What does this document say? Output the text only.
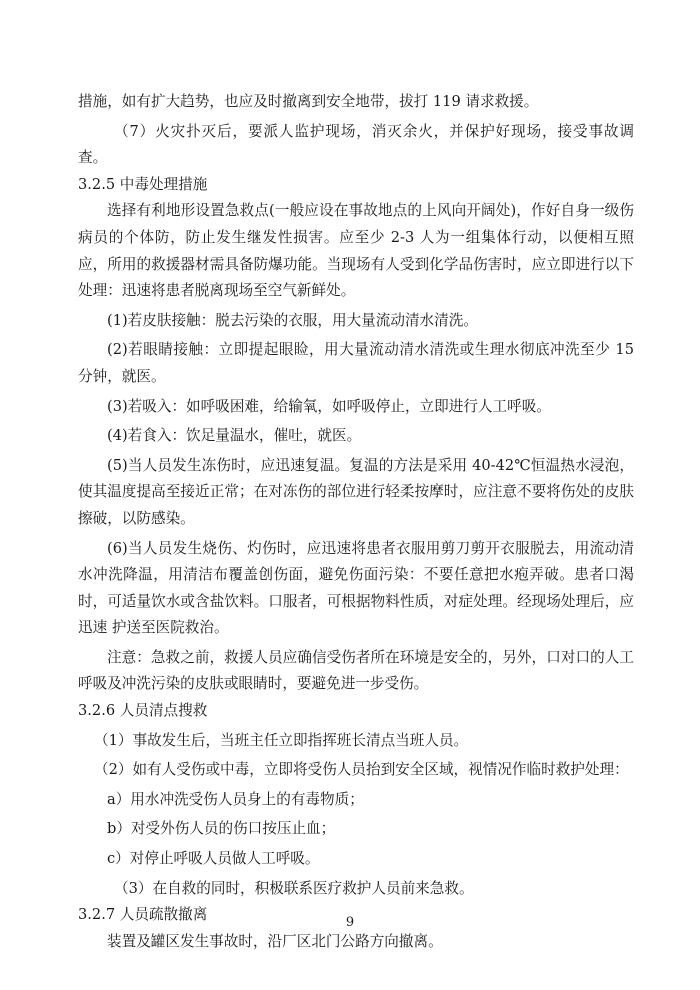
措施，如有扩大趋势，也应及时撤离到安全地带，拔打 119 请求救援。

（7）火灾扑灭后，要派人监护现场，消灭余火，并保护好现场，接受事故调查。

3.2.5 中毒处理措施

选择有利地形设置急救点(一般应设在事故地点的上风向开阔处)，作好自身一级伤病员的个体防，防止发生继发性损害。应至少 2-3 人为一组集体行动，以便相互照应，所用的救援器材需具备防爆功能。当现场有人受到化学品伤害时，应立即进行以下处理：迅速将患者脱离现场至空气新鲜处。

(1)若皮肤接触：脱去污染的衣服，用大量流动清水清洗。

(2)若眼睛接触：立即提起眼睑，用大量流动清水清洗或生理水彻底冲洗至少 15 分钟，就医。

(3)若吸入：如呼吸困难，给输氧，如呼吸停止，立即进行人工呼吸。

(4)若食入：饮足量温水，催吐，就医。

(5)当人员发生冻伤时，应迅速复温。复温的方法是采用 40-42℃恒温热水浸泡，使其温度提高至接近正常；在对冻伤的部位进行轻柔按摩时，应注意不要将伤处的皮肤擦破，以防感染。

(6)当人员发生烧伤、灼伤时，应迅速将患者衣服用剪刀剪开衣服脱去，用流动清水冲洗降温，用清洁布覆盖创伤面，避免伤面污染：不要任意把水疱弄破。患者口渴时，可适量饮水或含盐饮料。口服者，可根据物料性质，对症处理。经现场处理后，应迅速 护送至医院救治。

注意：急救之前，救援人员应确信受伤者所在环境是安全的，另外，口对口的人工呼吸及冲洗污染的皮肤或眼睛时，要避免进一步受伤。

3.2.6 人员清点搜救

（1）事故发生后，当班主任立即指挥班长清点当班人员。

（2）如有人受伤或中毒，立即将受伤人员抬到安全区域，视情况作临时救护处理：

a）用水冲洗受伤人员身上的有毒物质；

b）对受外伤人员的伤口按压止血；

c）对停止呼吸人员做人工呼吸。

（3）在自救的同时，积极联系医疗救护人员前来急救。

3.2.7 人员疏散撤离

装置及罐区发生事故时，沿厂区北门公路方向撤离。

9
